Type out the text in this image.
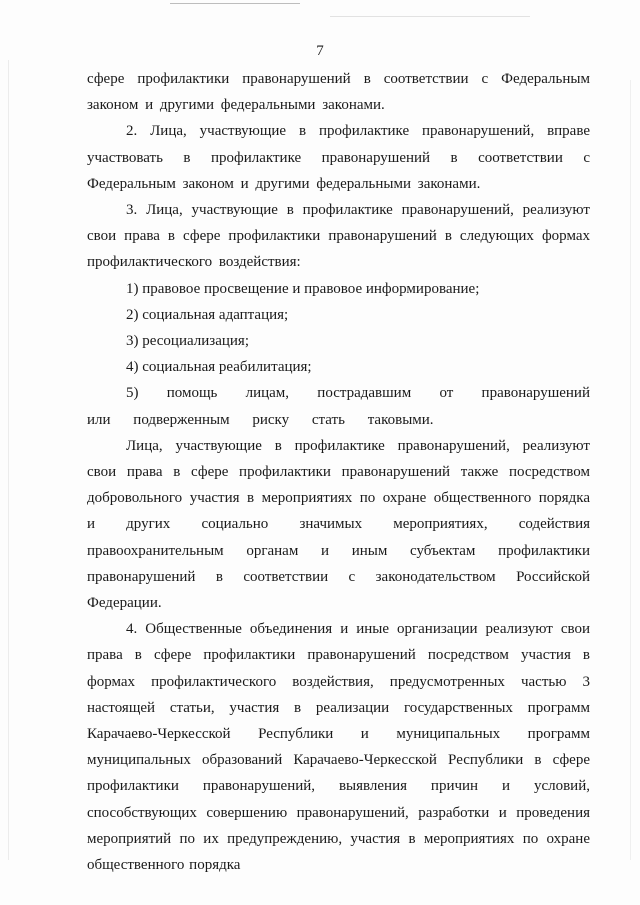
7

сфере профилактики правонарушений в соответствии с Федеральным законом и другими федеральными законами.

2. Лица, участвующие в профилактике правонарушений, вправе участвовать в профилактике правонарушений в соответствии с Федеральным законом и другими федеральными законами.

3. Лица, участвующие в профилактике правонарушений, реализуют свои права в сфере профилактики правонарушений в следующих формах профилактического воздействия:

1) правовое просвещение и правовое информирование;

2) социальная адаптация;

3) ресоциализация;

4) социальная реабилитация;

5) помощь лицам, пострадавшим от правонарушений или подверженным риску стать таковыми.

Лица, участвующие в профилактике правонарушений, реализуют свои права в сфере профилактики правонарушений также посредством добровольного участия в мероприятиях по охране общественного порядка и других социально значимых мероприятиях, содействия правоохранительным органам и иным субъектам профилактики правонарушений в соответствии с законодательством Российской Федерации.

4. Общественные объединения и иные организации реализуют свои права в сфере профилактики правонарушений посредством участия в формах профилактического воздействия, предусмотренных частью 3 настоящей статьи, участия в реализации государственных программ Карачаево-Черкесской Республики и муниципальных программ муниципальных образований Карачаево-Черкесской Республики в сфере профилактики правонарушений, выявления причин и условий, способствующих совершению правонарушений, разработки и проведения мероприятий по их предупреждению, участия в мероприятиях по охране общественного порядка
